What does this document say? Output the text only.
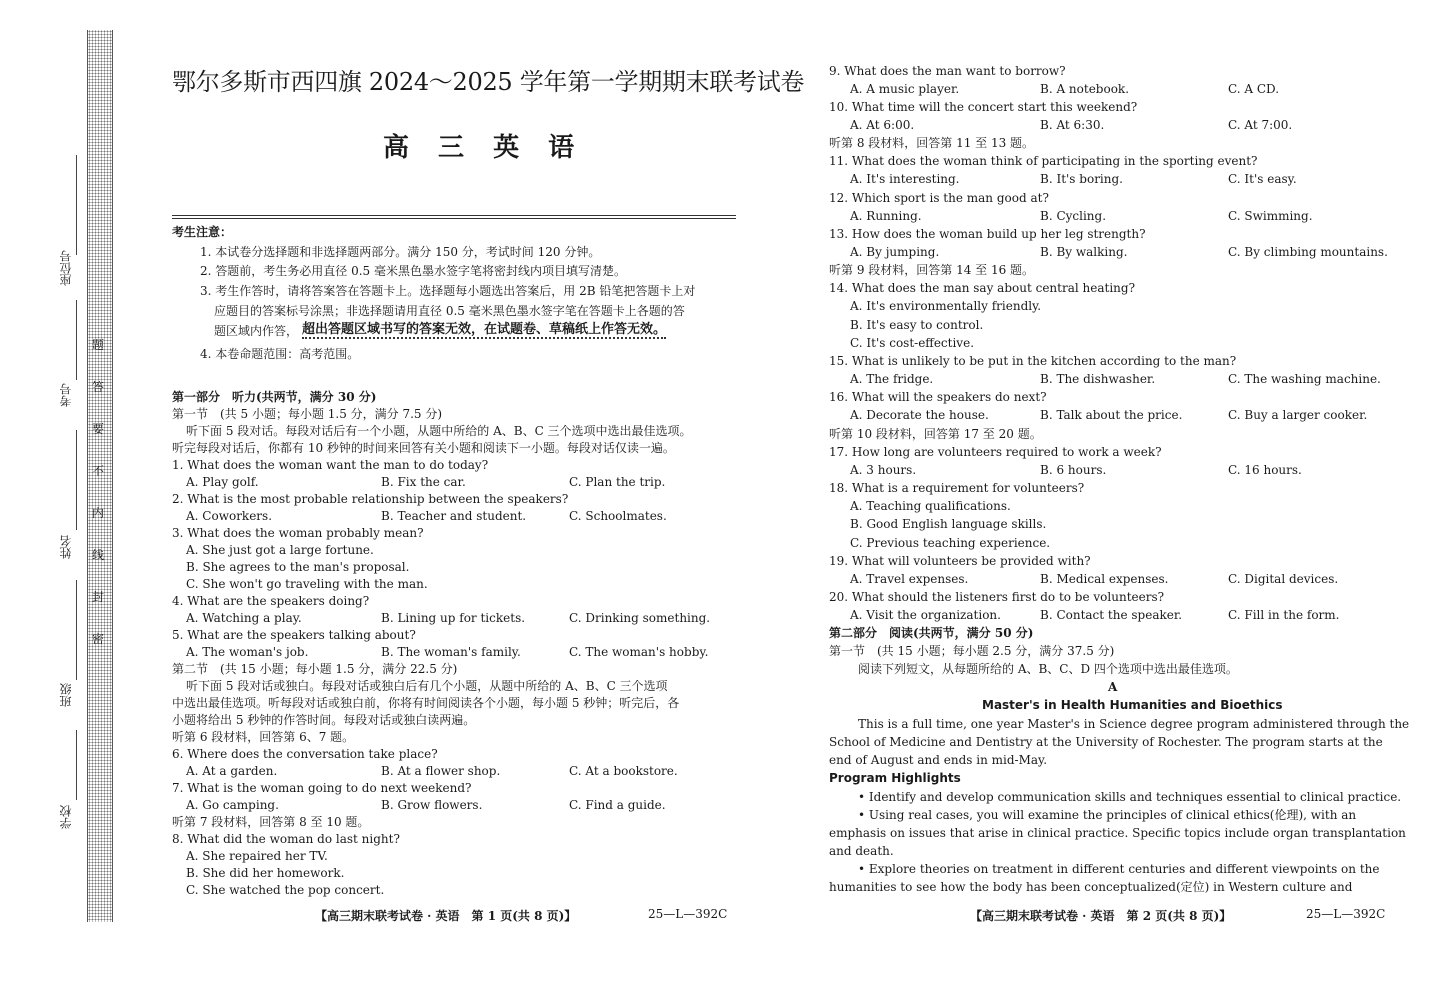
题
答
要
不
内
线
封
密
座位号
考号
姓名
班级
学校
鄂尔多斯市西四旗 2024～2025 学年第一学期期末联考试卷
高 三 英 语
考生注意：
1. 本试卷分选择题和非选择题两部分。满分 150 分，考试时间 120 分钟。
2. 答题前，考生务必用直径 0.5 毫米黑色墨水签字笔将密封线内项目填写清楚。
3. 考生作答时，请将答案答在答题卡上。选择题每小题选出答案后，用 2B 铅笔把答题卡上对
应题目的答案标号涂黑；非选择题请用直径 0.5 毫米黑色墨水签字笔在答题卡上各题的答
题区域内作答， 超出答题区域书写的答案无效，在试题卷、草稿纸上作答无效。
4. 本卷命题范围：高考范围。
第一部分　听力(共两节，满分 30 分)
第一节　(共 5 小题；每小题 1.5 分，满分 7.5 分)
听下面 5 段对话。每段对话后有一个小题，从题中所给的 A、B、C 三个选项中选出最佳选项。
听完每段对话后，你都有 10 秒钟的时间来回答有关小题和阅读下一小题。每段对话仅读一遍。
1. What does the woman want the man to do today?
A. Play golf.	B. Fix the car.	C. Plan the trip.
2. What is the most probable relationship between the speakers?
A. Coworkers.	B. Teacher and student.	C. Schoolmates.
3. What does the woman probably mean?
A. She just got a large fortune.
B. She agrees to the man's proposal.
C. She won't go traveling with the man.
4. What are the speakers doing?
A. Watching a play.	B. Lining up for tickets.	C. Drinking something.
5. What are the speakers talking about?
A. The woman's job.	B. The woman's family.	C. The woman's hobby.
第二节　(共 15 小题；每小题 1.5 分，满分 22.5 分)
听下面 5 段对话或独白。每段对话或独白后有几个小题，从题中所给的 A、B、C 三个选项
中选出最佳选项。听每段对话或独白前，你将有时间阅读各个小题，每小题 5 秒钟；听完后，各
小题将给出 5 秒钟的作答时间。每段对话或独白读两遍。
听第 6 段材料，回答第 6、7 题。
6. Where does the conversation take place?
A. At a garden.	B. At a flower shop.	C. At a bookstore.
7. What is the woman going to do next weekend?
A. Go camping.	B. Grow flowers.	C. Find a guide.
听第 7 段材料，回答第 8 至 10 题。
8. What did the woman do last night?
A. She repaired her TV.
B. She did her homework.
C. She watched the pop concert.
【高三期末联考试卷 · 英语　第 1 页(共 8 页)】	25—L—392C
9. What does the man want to borrow?
A. A music player.	B. A notebook.	C. A CD.
10. What time will the concert start this weekend?
A. At 6:00.	B. At 6:30.	C. At 7:00.
听第 8 段材料，回答第 11 至 13 题。
11. What does the woman think of participating in the sporting event?
A. It's interesting.	B. It's boring.	C. It's easy.
12. Which sport is the man good at?
A. Running.	B. Cycling.	C. Swimming.
13. How does the woman build up her leg strength?
A. By jumping.	B. By walking.	C. By climbing mountains.
听第 9 段材料，回答第 14 至 16 题。
14. What does the man say about central heating?
A. It's environmentally friendly.
B. It's easy to control.
C. It's cost-effective.
15. What is unlikely to be put in the kitchen according to the man?
A. The fridge.	B. The dishwasher.	C. The washing machine.
16. What will the speakers do next?
A. Decorate the house.	B. Talk about the price.	C. Buy a larger cooker.
听第 10 段材料，回答第 17 至 20 题。
17. How long are volunteers required to work a week?
A. 3 hours.	B. 6 hours.	C. 16 hours.
18. What is a requirement for volunteers?
A. Teaching qualifications.
B. Good English language skills.
C. Previous teaching experience.
19. What will volunteers be provided with?
A. Travel expenses.	B. Medical expenses.	C. Digital devices.
20. What should the listeners first do to be volunteers?
A. Visit the organization.	B. Contact the speaker.	C. Fill in the form.
第二部分　阅读(共两节，满分 50 分)
第一节　(共 15 小题；每小题 2.5 分，满分 37.5 分)
阅读下列短文，从每题所给的 A、B、C、D 四个选项中选出最佳选项。
This is a full time, one year Master's in Science degree program administered through the
School of Medicine and Dentistry at the University of Rochester. The program starts at the
end of August and ends in mid-May.
• Identify and develop communication skills and techniques essential to clinical practice.
• Using real cases, you will examine the principles of clinical ethics(伦理), with an
emphasis on issues that arise in clinical practice. Specific topics include organ transplantation
and death.
• Explore theories on treatment in different centuries and different viewpoints on the
humanities to see how the body has been conceptualized(定位) in Western culture and
A
Master's in Health Humanities and Bioethics
Program Highlights
【高三期末联考试卷 · 英语　第 2 页(共 8 页)】	25—L—392C
